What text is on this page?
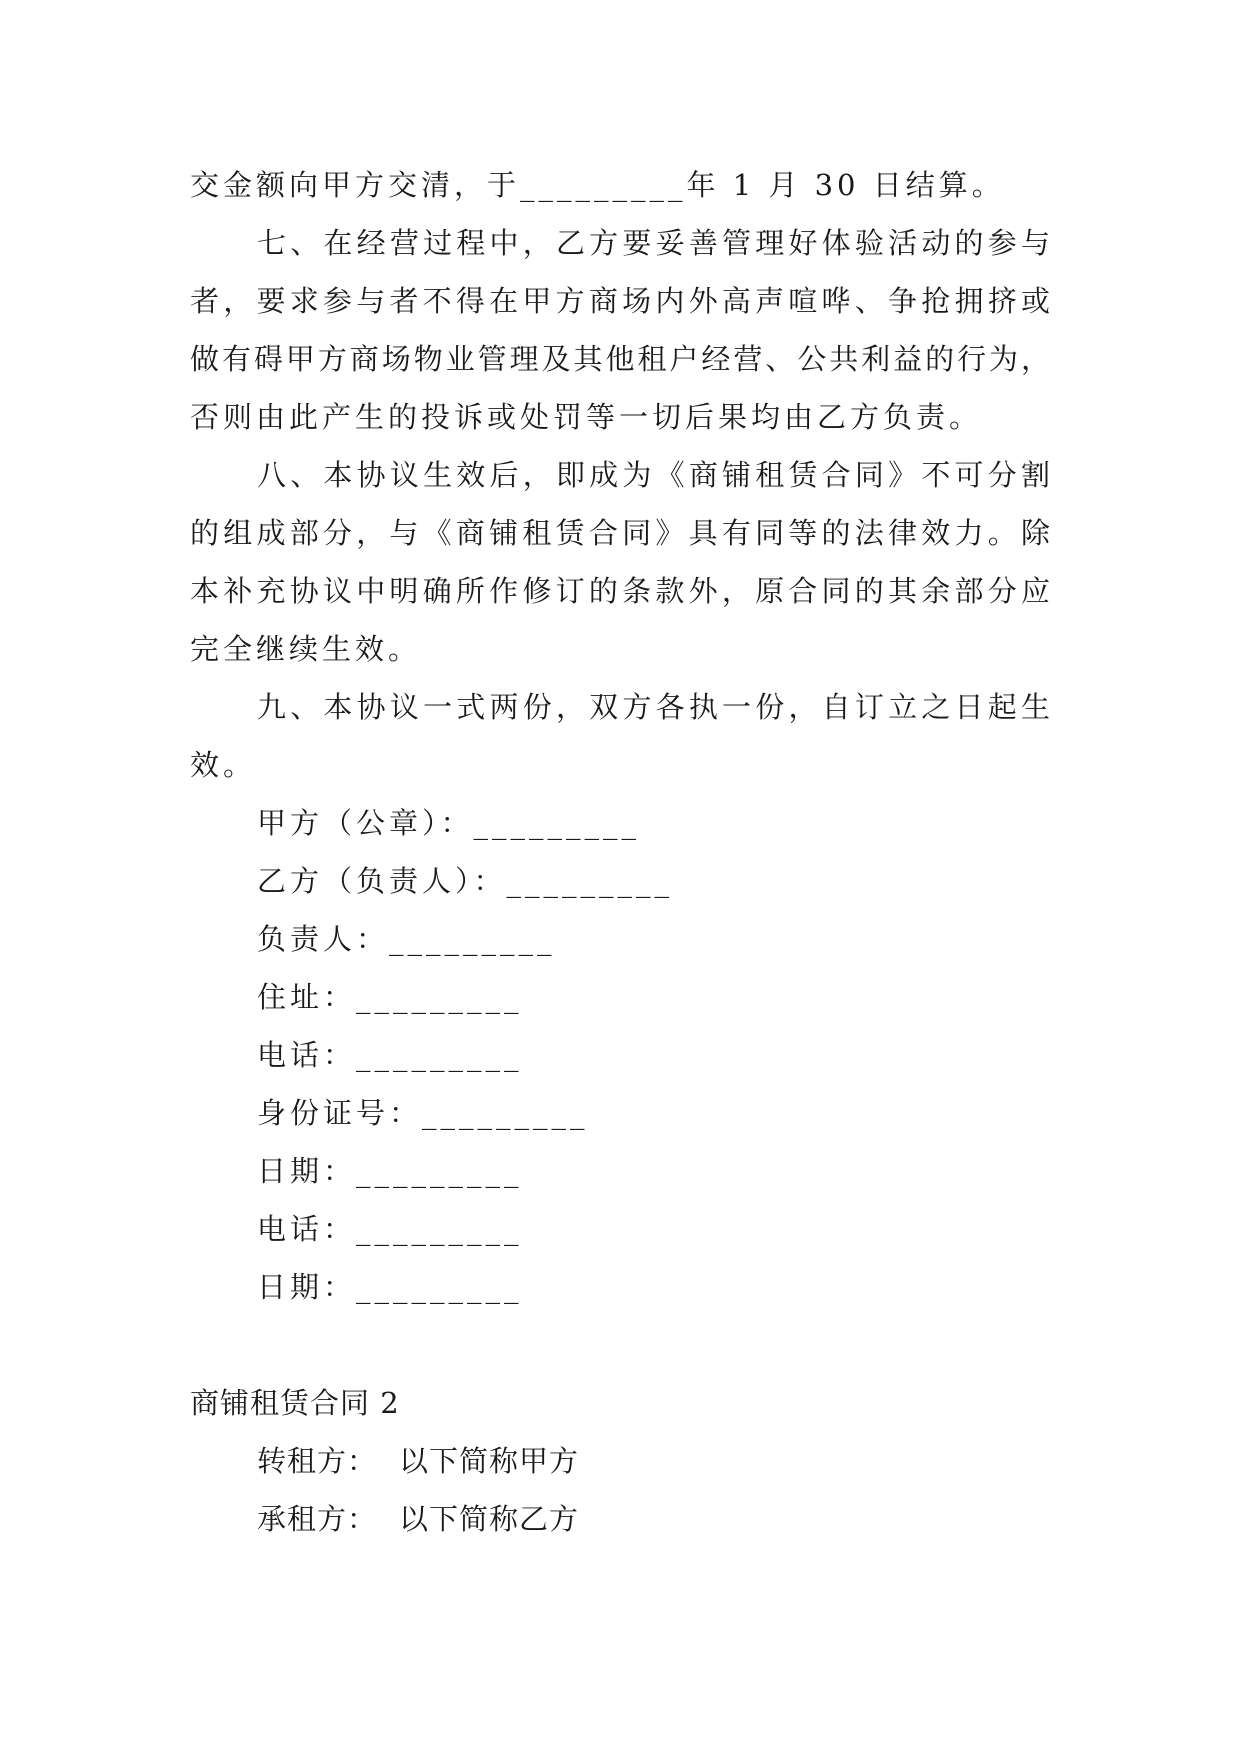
交金额向甲方交清，于_________年 1 月 30 日结算。
七、在经营过程中，乙方要妥善管理好体验活动的参与
者，要求参与者不得在甲方商场内外高声喧哗、争抢拥挤或
做有碍甲方商场物业管理及其他租户经营、公共利益的行为，
否则由此产生的投诉或处罚等一切后果均由乙方负责。
八、本协议生效后，即成为《商铺租赁合同》不可分割
的组成部分，与《商铺租赁合同》具有同等的法律效力。除
本补充协议中明确所作修订的条款外，原合同的其余部分应
完全继续生效。
九、本协议一式两份，双方各执一份，自订立之日起生
效。
甲方（公章）：_________
乙方（负责人）：_________
负责人：_________
住址：_________
电话：_________
身份证号：_________
日期：_________
电话：_________
日期：_________
商铺租赁合同 2
转租方： 以下简称甲方
承租方： 以下简称乙方
